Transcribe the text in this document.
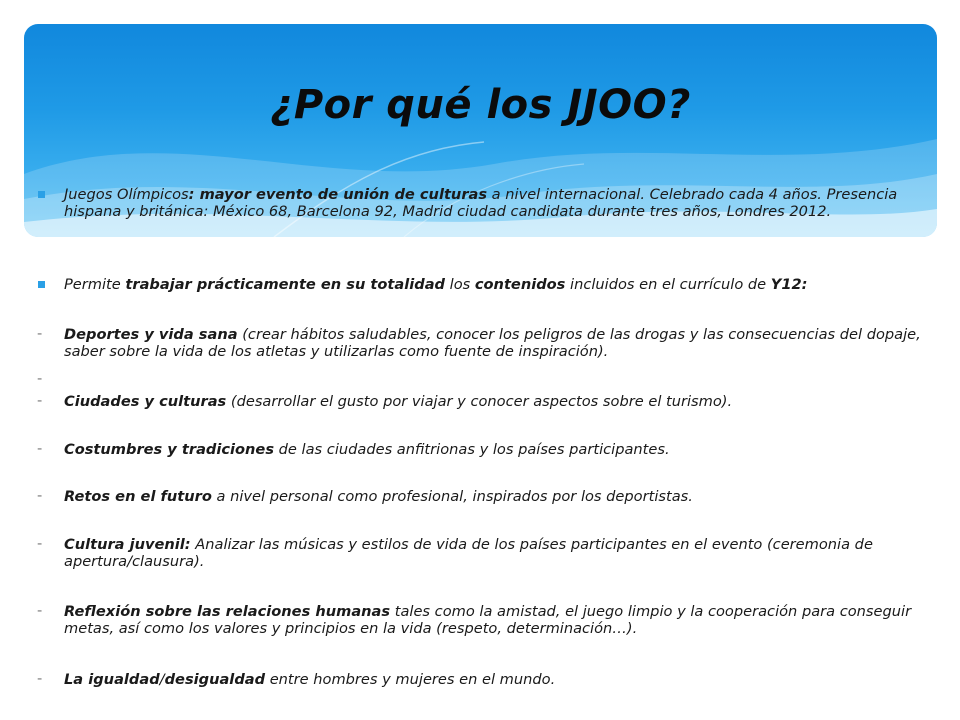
¿Por qué los JJOO?
Juegos Olímpicos: mayor evento de unión de culturas a nivel internacional. Celebrado cada 4 años. Presencia hispana y británica: México 68, Barcelona 92, Madrid ciudad candidata durante tres años, Londres 2012.
Permite trabajar prácticamente en su totalidad los contenidos incluidos en el currículo de Y12:
-	Deportes y vida sana (crear hábitos saludables, conocer los peligros de las drogas y las consecuencias del dopaje, saber sobre la vida de los atletas y utilizarlas como fuente de inspiración).
-
-	Ciudades y culturas (desarrollar el gusto por viajar y conocer aspectos sobre el turismo).
-	Costumbres y tradiciones de las ciudades anfitrionas y los países participantes.
-	Retos en el futuro a nivel personal como profesional, inspirados por los deportistas.
-	Cultura juvenil: Analizar las músicas y estilos de vida de los países participantes en el evento (ceremonia de apertura/clausura).
-	Reflexión sobre las relaciones humanas tales como la amistad, el juego limpio y la cooperación para conseguir metas, así como los valores y principios en la vida (respeto, determinación…).
-	La igualdad/desigualdad entre hombres y mujeres en el mundo.
